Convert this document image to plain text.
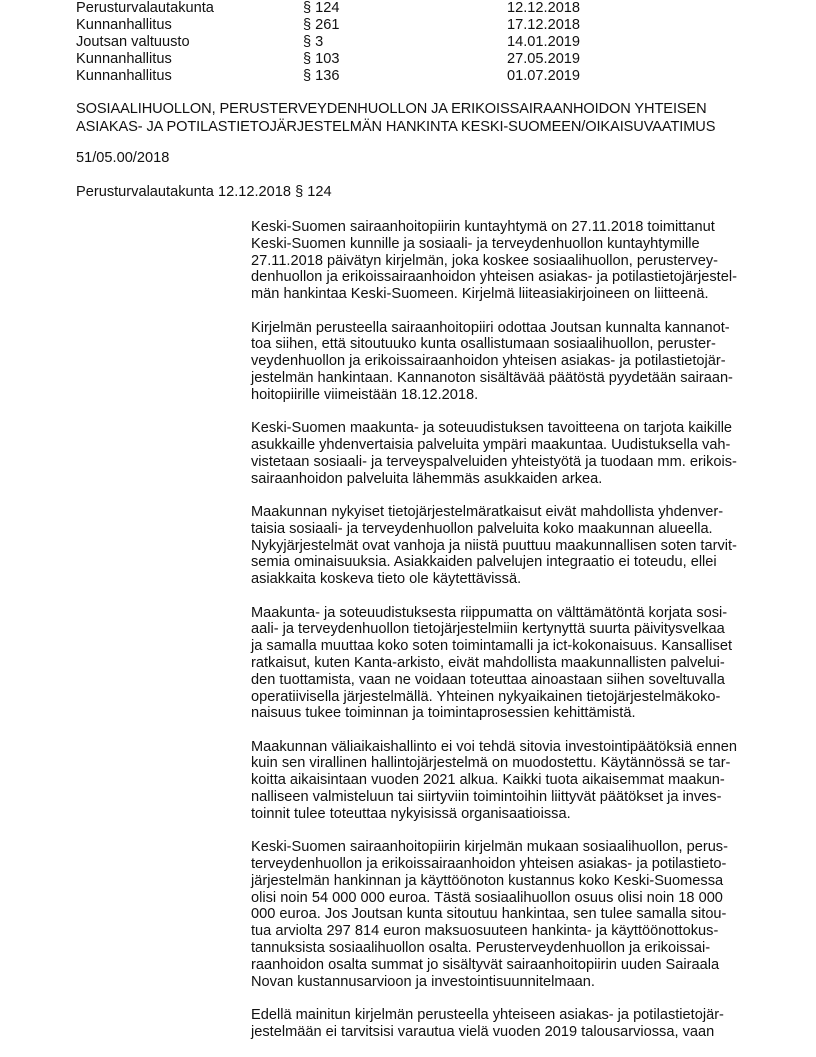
Perusturvalautakunta	§ 124	12.12.2018
Kunnanhallitus	§ 261	17.12.2018
Joutsan valtuusto	§ 3	14.01.2019
Kunnanhallitus	§ 103	27.05.2019
Kunnanhallitus	§ 136	01.07.2019
SOSIAALIHUOLLON, PERUSTERVEYDENHUOLLON JA ERIKOISSAIRAANHOIDON YHTEISEN
ASIAKAS- JA POTILASTIETOJÄRJESTELMÄN HANKINTA KESKI-SUOMEEN/OIKAISUVAATIMUS
51/05.00/2018
Perusturvalautakunta 12.12.2018 § 124
Keski-Suomen sairaanhoitopiirin kuntayhtymä on 27.11.2018 toimittanut
Keski-Suomen kunnille ja sosiaali- ja terveydenhuollon kuntayhtymille
27.11.2018 päivätyn kirjelmän, joka koskee sosiaalihuollon, perustervey-
denhuollon ja erikoissairaanhoidon yhteisen asiakas- ja potilastietojärjestel-
män hankintaa Keski-Suomeen. Kirjelmä liiteasiakirjoineen on liitteenä.
Kirjelmän perusteella sairaanhoitopiiri odottaa Joutsan kunnalta kannanot-
toa siihen, että sitoutuuko kunta osallistumaan sosiaalihuollon, peruster-
veydenhuollon ja erikoissairaanhoidon yhteisen asiakas- ja potilastietojär-
jestelmän hankintaan. Kannanoton sisältävää päätöstä pyydetään sairaan-
hoitopiirille viimeistään 18.12.2018.
Keski-Suomen maakunta- ja soteuudistuksen tavoitteena on tarjota kaikille
asukkaille yhdenvertaisia palveluita ympäri maakuntaa. Uudistuksella vah-
vistetaan sosiaali- ja terveyspalveluiden yhteistyötä ja tuodaan mm. erikois-
sairaanhoidon palveluita lähemmäs asukkaiden arkea.
Maakunnan nykyiset tietojärjestelmäratkaisut eivät mahdollista yhdenver-
taisia sosiaali- ja terveydenhuollon palveluita koko maakunnan alueella.
Nykyjärjestelmät ovat vanhoja ja niistä puuttuu maakunnallisen soten tarvit-
semia ominaisuuksia. Asiakkaiden palvelujen integraatio ei toteudu, ellei
asiakkaita koskeva tieto ole käytettävissä.
Maakunta- ja soteuudistuksesta riippumatta on välttämätöntä korjata sosi-
aali- ja terveydenhuollon tietojärjestelmiin kertynyttä suurta päivitysvelkaa
ja samalla muuttaa koko soten toimintamalli ja ict-kokonaisuus. Kansalliset
ratkaisut, kuten Kanta-arkisto, eivät mahdollista maakunnallisten palvelui-
den tuottamista, vaan ne voidaan toteuttaa ainoastaan siihen soveltuvalla
operatiivisella järjestelmällä. Yhteinen nykyaikainen tietojärjestelmäkoko-
naisuus tukee toiminnan ja toimintaprosessien kehittämistä.
Maakunnan väliaikaishallinto ei voi tehdä sitovia investointipäätöksiä ennen
kuin sen virallinen hallintojärjestelmä on muodostettu. Käytännössä se tar-
koitta aikaisintaan vuoden 2021 alkua. Kaikki tuota aikaisemmat maakun-
nalliseen valmisteluun tai siirtyviin toimintoihin liittyvät päätökset ja inves-
toinnit tulee toteuttaa nykyisissä organisaatioissa.
Keski-Suomen sairaanhoitopiirin kirjelmän mukaan sosiaalihuollon, perus-
terveydenhuollon ja erikoissairaanhoidon yhteisen asiakas- ja potilastieto-
järjestelmän hankinnan ja käyttöönoton kustannus koko Keski-Suomessa
olisi noin 54 000 000 euroa. Tästä sosiaalihuollon osuus olisi noin 18 000
000 euroa. Jos Joutsan kunta sitoutuu hankintaa, sen tulee samalla sitou-
tua arviolta 297 814 euron maksuosuuteen hankinta- ja käyttöönottokus-
tannuksista sosiaalihuollon osalta. Perusterveydenhuollon ja erikoissai-
raanhoidon osalta summat jo sisältyvät sairaanhoitopiirin uuden Sairaala
Novan kustannusarvioon ja investointisuunnitelmaan.
Edellä mainitun kirjelmän perusteella yhteiseen asiakas- ja potilastietojär-
jestelmään ei tarvitsisi varautua vielä vuoden 2019 talousarviossa, vaan
